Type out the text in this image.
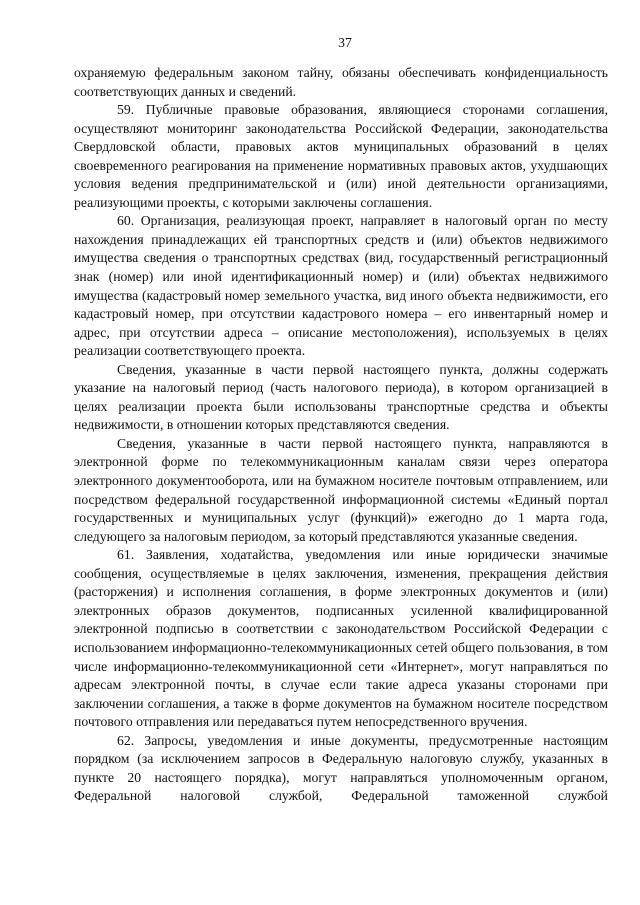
37

охраняемую федеральным законом тайну, обязаны обеспечивать конфиденциальность соответствующих данных и сведений.

59. Публичные правовые образования, являющиеся сторонами соглашения, осуществляют мониторинг законодательства Российской Федерации, законодательства Свердловской области, правовых актов муниципальных образований в целях своевременного реагирования на применение нормативных правовых актов, ухудшающих условия ведения предпринимательской и (или) иной деятельности организациями, реализующими проекты, с которыми заключены соглашения.

60. Организация, реализующая проект, направляет в налоговый орган по месту нахождения принадлежащих ей транспортных средств и (или) объектов недвижимого имущества сведения о транспортных средствах (вид, государственный регистрационный знак (номер) или иной идентификационный номер) и (или) объектах недвижимого имущества (кадастровый номер земельного участка, вид иного объекта недвижимости, его кадастровый номер, при отсутствии кадастрового номера – его инвентарный номер и адрес, при отсутствии адреса – описание местоположения), используемых в целях реализации соответствующего проекта.

Сведения, указанные в части первой настоящего пункта, должны содержать указание на налоговый период (часть налогового периода), в котором организацией в целях реализации проекта были использованы транспортные средства и объекты недвижимости, в отношении которых представляются сведения.

Сведения, указанные в части первой настоящего пункта, направляются в электронной форме по телекоммуникационным каналам связи через оператора электронного документооборота, или на бумажном носителе почтовым отправлением, или посредством федеральной государственной информационной системы «Единый портал государственных и муниципальных услуг (функций)» ежегодно до 1 марта года, следующего за налоговым периодом, за который представляются указанные сведения.

61. Заявления, ходатайства, уведомления или иные юридически значимые сообщения, осуществляемые в целях заключения, изменения, прекращения действия (расторжения) и исполнения соглашения, в форме электронных документов и (или) электронных образов документов, подписанных усиленной квалифицированной электронной подписью в соответствии с законодательством Российской Федерации с использованием информационно-телекоммуникационных сетей общего пользования, в том числе информационно-телекоммуникационной сети «Интернет», могут направляться по адресам электронной почты, в случае если такие адреса указаны сторонами при заключении соглашения, а также в форме документов на бумажном носителе посредством почтового отправления или передаваться путем непосредственного вручения.

62. Запросы, уведомления и иные документы, предусмотренные настоящим порядком (за исключением запросов в Федеральную налоговую службу, указанных в пункте 20 настоящего порядка), могут направляться уполномоченным органом, Федеральной налоговой службой, Федеральной таможенной службой
